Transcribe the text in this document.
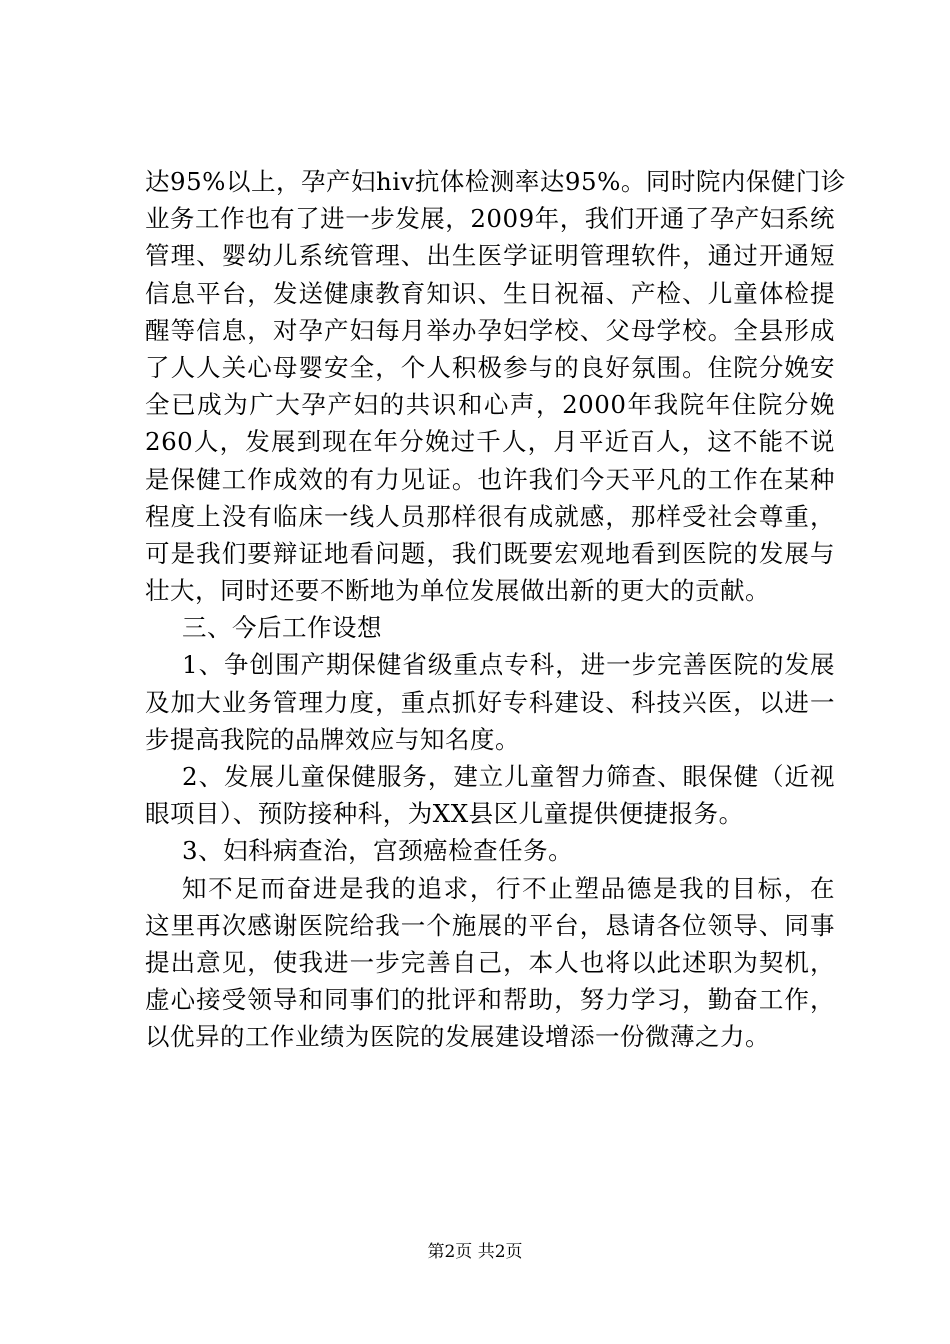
达95%以上，孕产妇hiv抗体检测率达95%。同时院内保健门诊
业务工作也有了进一步发展，2009年，我们开通了孕产妇系统
管理、婴幼儿系统管理、出生医学证明管理软件，通过开通短
信息平台，发送健康教育知识、生日祝福、产检、儿童体检提
醒等信息，对孕产妇每月举办孕妇学校、父母学校。全县形成
了人人关心母婴安全，个人积极参与的良好氛围。住院分娩安
全已成为广大孕产妇的共识和心声，2000年我院年住院分娩
260人，发展到现在年分娩过千人，月平近百人，这不能不说
是保健工作成效的有力见证。也许我们今天平凡的工作在某种
程度上没有临床一线人员那样很有成就感，那样受社会尊重，
可是我们要辩证地看问题，我们既要宏观地看到医院的发展与
壮大，同时还要不断地为单位发展做出新的更大的贡献。
三、今后工作设想
1、争创围产期保健省级重点专科，进一步完善医院的发展
及加大业务管理力度，重点抓好专科建设、科技兴医，以进一
步提高我院的品牌效应与知名度。
2、发展儿童保健服务，建立儿童智力筛查、眼保健（近视
眼项目）、预防接种科，为XX县区儿童提供便捷报务。
3、妇科病查治，宫颈癌检查任务。
知不足而奋进是我的追求，行不止塑品德是我的目标，在
这里再次感谢医院给我一个施展的平台，恳请各位领导、同事
提出意见，使我进一步完善自己，本人也将以此述职为契机，
虚心接受领导和同事们的批评和帮助，努力学习，勤奋工作，
以优异的工作业绩为医院的发展建设增添一份微薄之力。
第2页 共2页
